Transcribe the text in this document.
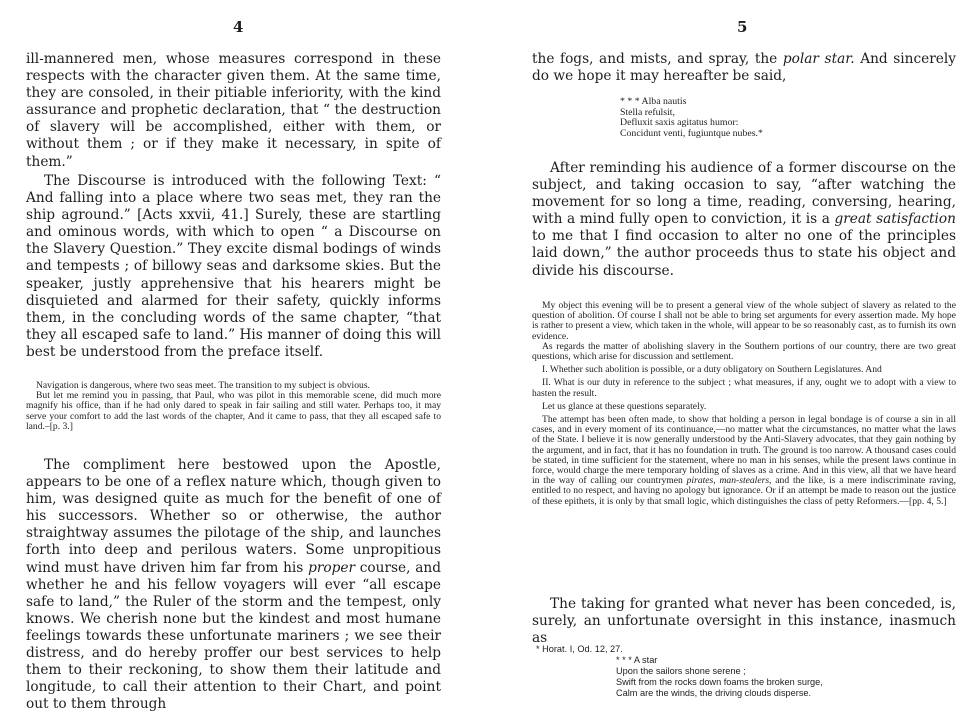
4

ill-mannered men, whose measures correspond in these respects with the character given them. At the same time, they are consoled, in their pitiable inferiority, with the kind assurance and prophetic declaration, that “ the destruction of slavery will be accomplished, either with them, or without them ; or if they make it necessary, in spite of them.”

The Discourse is introduced with the following Text: “ And falling into a place where two seas met, they ran the ship aground.” [Acts xxvii, 41.] Surely, these are startling and ominous words, with which to open “ a Discourse on the Slavery Question.” They excite dismal bodings of winds and tempests ; of billowy seas and darksome skies. But the speaker, justly apprehensive that his hearers might be disquieted and alarmed for their safety, quickly informs them, in the concluding words of the same chapter, “that they all escaped safe to land.” His manner of doing this will best be understood from the preface itself.

Navigation is dangerous, where two seas meet. The transition to my subject is obvious.

But let me remind you in passing, that Paul, who was pilot in this memorable scene, did much more magnify his office, than if he had only dared to speak in fair sailing and still water. Perhaps too, it may serve your comfort to add the last words of the chapter, And it came to pass, that they all escaped safe to land.–[p. 3.]

The compliment here bestowed upon the Apostle, appears to be one of a reflex nature which, though given to him, was designed quite as much for the benefit of one of his successors. Whether so or otherwise, the author straightway assumes the pilotage of the ship, and launches forth into deep and perilous waters. Some unpropitious wind must have driven him far from his proper course, and whether he and his fellow voyagers will ever “all escape safe to land,” the Ruler of the storm and the tempest, only knows. We cherish none but the kindest and most humane feelings towards these unfortunate mariners ; we see their distress, and do hereby proffer our best services to help them to their reckoning, to show them their latitude and longitude, to call their attention to their Chart, and point out to them through

5

the fogs, and mists, and spray, the polar star. And sincerely do we hope it may hereafter be said,

* * * Alba nautis
Stella refulsit,
Defluxit saxis agitatus humor:
Concidunt venti, fugiuntque nubes.*

After reminding his audience of a former discourse on the subject, and taking occasion to say, “after watching the movement for so long a time, reading, conversing, hearing, with a mind fully open to conviction, it is a great satisfaction to me that I find occasion to alter no one of the principles laid down,” the author proceeds thus to state his object and divide his discourse.

My object this evening will be to present a general view of the whole subject of slavery as related to the question of abolition. Of course I shall not be able to bring set arguments for every assertion made. My hope is rather to present a view, which taken in the whole, will appear to be so reasonably cast, as to furnish its own evidence.

As regards the matter of abolishing slavery in the Southern portions of our country, there are two great questions, which arise for discussion and settlement.

I. Whether such abolition is possible, or a duty obligatory on Southern Legislatures. And

II. What is our duty in reference to the subject ; what measures, if any, ought we to adopt with a view to hasten the result.

Let us glance at these questions separately.

The attempt has been often made, to show that holding a person in legal bondage is of course a sin in all cases, and in every moment of its continuance,—no matter what the circumstances, no matter what the laws of the State. I believe it is now generally understood by the Anti-Slavery advocates, that they gain nothing by the argument, and in fact, that it has no foundation in truth. The ground is too narrow. A thousand cases could be stated, in time sufficient for the statement, where no man in his senses, while the present laws continue in force, would charge the mere temporary holding of slaves as a crime. And in this view, all that we have heard in the way of calling our countrymen pirates, man-stealers, and the like, is a mere indiscriminate raving, entitled to no respect, and having no apology but ignorance. Or if an attempt be made to reason out the justice of these epithets, it is only by that small logic, which distinguishes the class of petty Reformers.—[pp. 4, 5.]

The taking for granted what never has been conceded, is, surely, an unfortunate oversight in this instance, inasmuch as

* Horat. I, Od. 12, 27.
* * * A star
Upon the sailors shone serene ;
Swift from the rocks down foams the broken surge,
Calm are the winds, the driving clouds disperse.
